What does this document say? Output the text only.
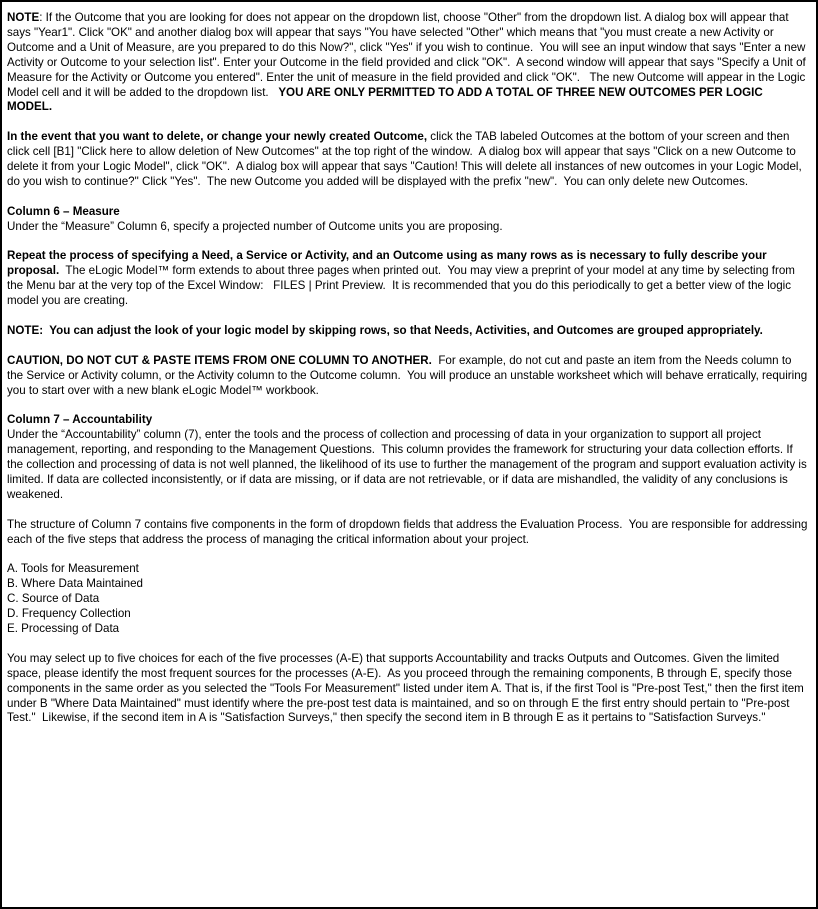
NOTE: If the Outcome that you are looking for does not appear on the dropdown list, choose "Other" from the dropdown list. A dialog box will appear that says "Year1". Click "OK" and another dialog box will appear that says "You have selected "Other" which means that "you must create a new Activity or Outcome and a Unit of Measure, are you prepared to do this Now?", click "Yes" if you wish to continue.  You will see an input window that says "Enter a new Activity or Outcome to your selection list". Enter your Outcome in the field provided and click "OK".  A second window will appear that says "Specify a Unit of Measure for the Activity or Outcome you entered". Enter the unit of measure in the field provided and click "OK".   The new Outcome will appear in the Logic Model cell and it will be added to the dropdown list.   YOU ARE ONLY PERMITTED TO ADD A TOTAL OF THREE NEW OUTCOMES PER LOGIC MODEL.

In the event that you want to delete, or change your newly created Outcome, click the TAB labeled Outcomes at the bottom of your screen and then click cell [B1] "Click here to allow deletion of New Outcomes" at the top right of the window.  A dialog box will appear that says "Click on a new Outcome to delete it from your Logic Model", click "OK".  A dialog box will appear that says "Caution! This will delete all instances of new outcomes in your Logic Model, do you wish to continue?" Click "Yes".  The new Outcome you added will be displayed with the prefix "new".  You can only delete new Outcomes.

Column 6 – Measure

Under the “Measure” Column 6, specify a projected number of Outcome units you are proposing.

Repeat the process of specifying a Need, a Service or Activity, and an Outcome using as many rows as is necessary to fully describe your proposal.  The eLogic Model™ form extends to about three pages when printed out.  You may view a preprint of your model at any time by selecting from the Menu bar at the very top of the Excel Window:   FILES | Print Preview.  It is recommended that you do this periodically to get a better view of the logic model you are creating.

NOTE:  You can adjust the look of your logic model by skipping rows, so that Needs, Activities, and Outcomes are grouped appropriately.

CAUTION, DO NOT CUT & PASTE ITEMS FROM ONE COLUMN TO ANOTHER.  For example, do not cut and paste an item from the Needs column to the Service or Activity column, or the Activity column to the Outcome column.  You will produce an unstable worksheet which will behave erratically, requiring you to start over with a new blank eLogic Model™ workbook.

Column 7 – Accountability

Under the “Accountability” column (7), enter the tools and the process of collection and processing of data in your organization to support all project management, reporting, and responding to the Management Questions.  This column provides the framework for structuring your data collection efforts. If the collection and processing of data is not well planned, the likelihood of its use to further the management of the program and support evaluation activity is limited. If data are collected inconsistently, or if data are missing, or if data are not retrievable, or if data are mishandled, the validity of any conclusions is weakened.

The structure of Column 7 contains five components in the form of dropdown fields that address the Evaluation Process.  You are responsible for addressing each of the five steps that address the process of managing the critical information about your project.

A. Tools for Measurement
B. Where Data Maintained
C. Source of Data
D. Frequency Collection
E. Processing of Data

You may select up to five choices for each of the five processes (A-E) that supports Accountability and tracks Outputs and Outcomes. Given the limited space, please identify the most frequent sources for the processes (A-E).  As you proceed through the remaining components, B through E, specify those components in the same order as you selected the "Tools For Measurement" listed under item A. That is, if the first Tool is "Pre-post Test," then the first item under B "Where Data Maintained" must identify where the pre-post test data is maintained, and so on through E the first entry should pertain to "Pre-post Test."  Likewise, if the second item in A is "Satisfaction Surveys," then specify the second item in B through E as it pertains to "Satisfaction Surveys."
